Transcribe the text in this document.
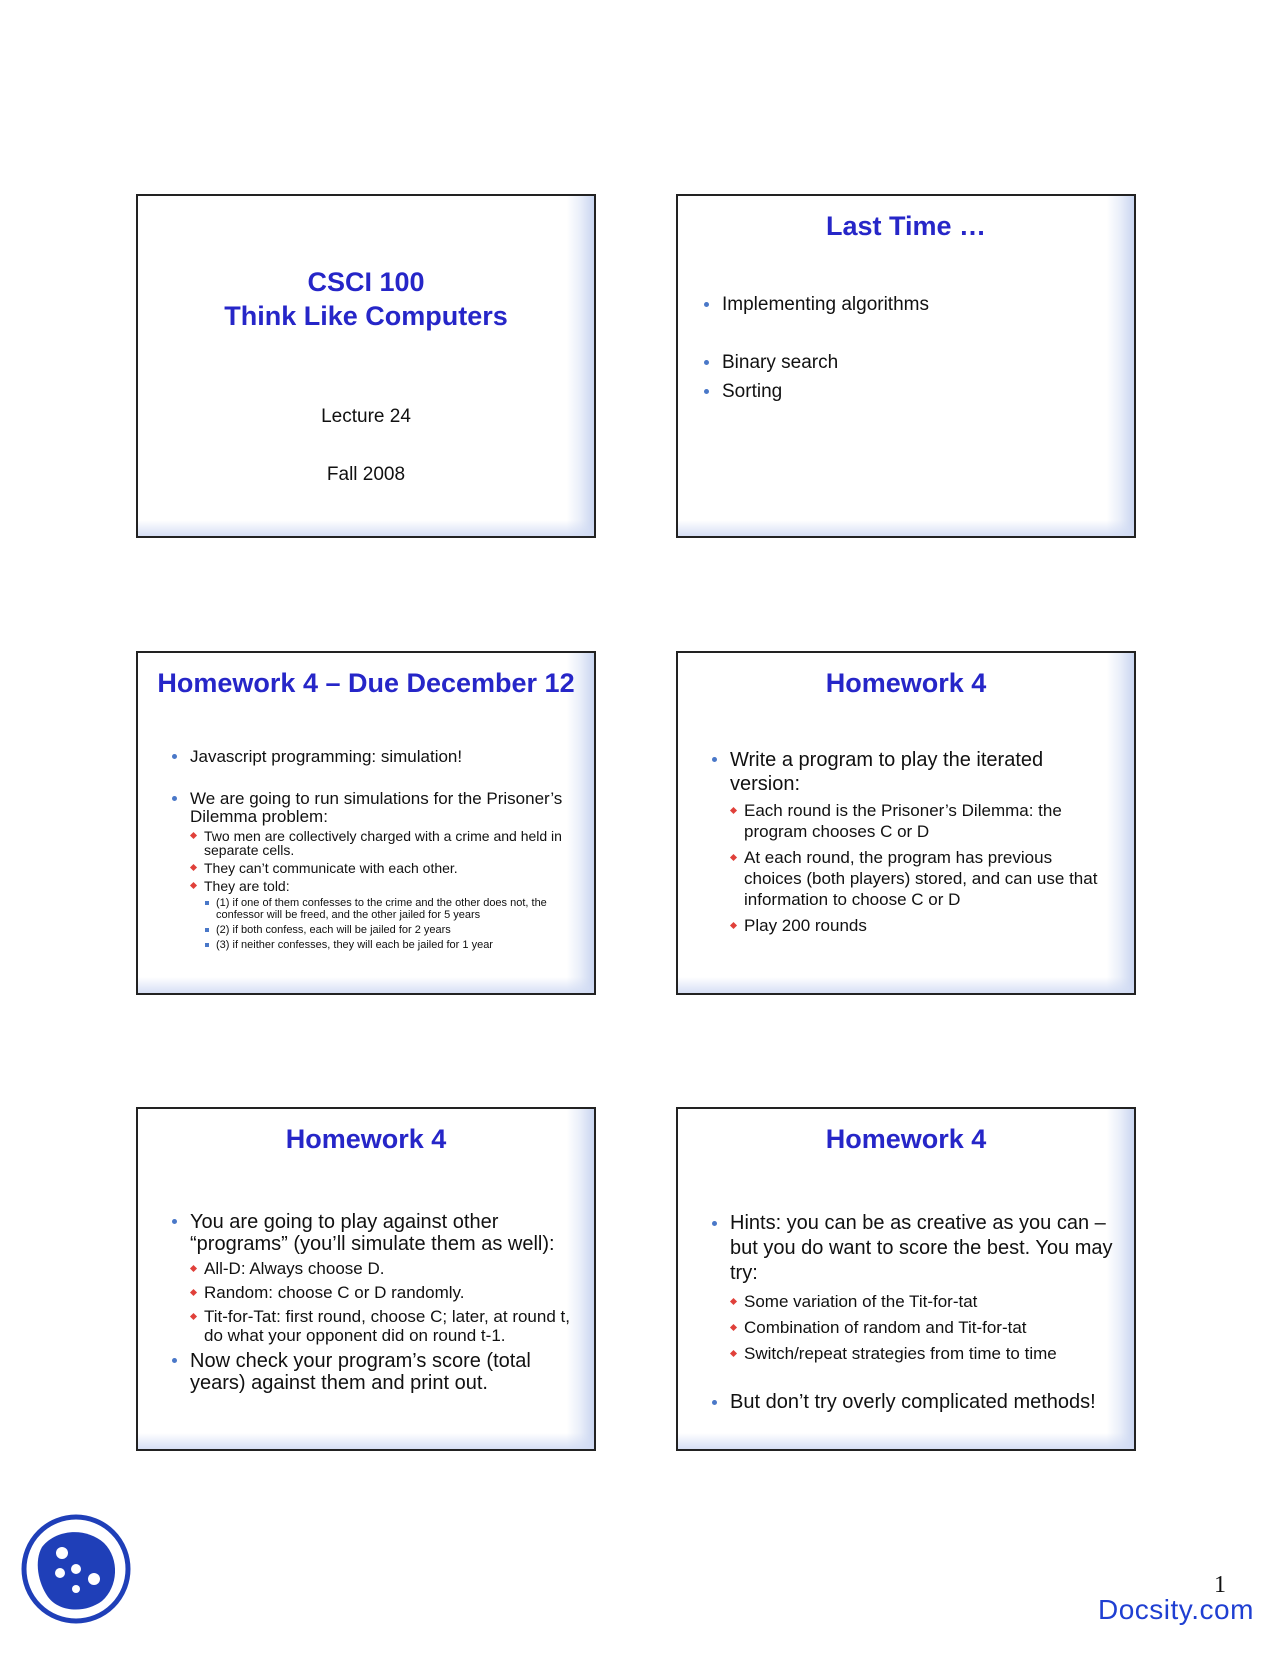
CSCI 100
Think Like Computers
Lecture 24
Fall 2008
Last Time …
Implementing algorithms
Binary search
Sorting
Homework 4 – Due December 12
Javascript programming: simulation!
We are going to run simulations for the Prisoner’s Dilemma problem:
Two men are collectively charged with a crime and held in separate cells.
They can’t communicate with each other.
They are told:
(1) if one of them confesses to the crime and the other does not, the confessor will be freed, and the other jailed for 5 years
(2) if both confess, each will be jailed for 2 years
(3) if neither confesses, they will each be jailed for 1 year
Homework 4
Write a program to play the iterated version:
Each round is the Prisoner’s Dilemma: the program chooses C or D
At each round, the program has previous choices (both players) stored, and can use that information to choose C or D
Play 200 rounds
Homework 4
You are going to play against other “programs” (you’ll simulate them as well):
All-D: Always choose D.
Random: choose C or D randomly.
Tit-for-Tat: first round, choose C; later, at round t, do what your opponent did on round t-1.
Now check your program’s score (total years) against them and print out.
Homework 4
Hints: you can be as creative as you can – but you do want to score the best. You may try:
Some variation of the Tit-for-tat
Combination of random and Tit-for-tat
Switch/repeat strategies from time to time
But don’t try overly complicated methods!
1
Docsity.com
